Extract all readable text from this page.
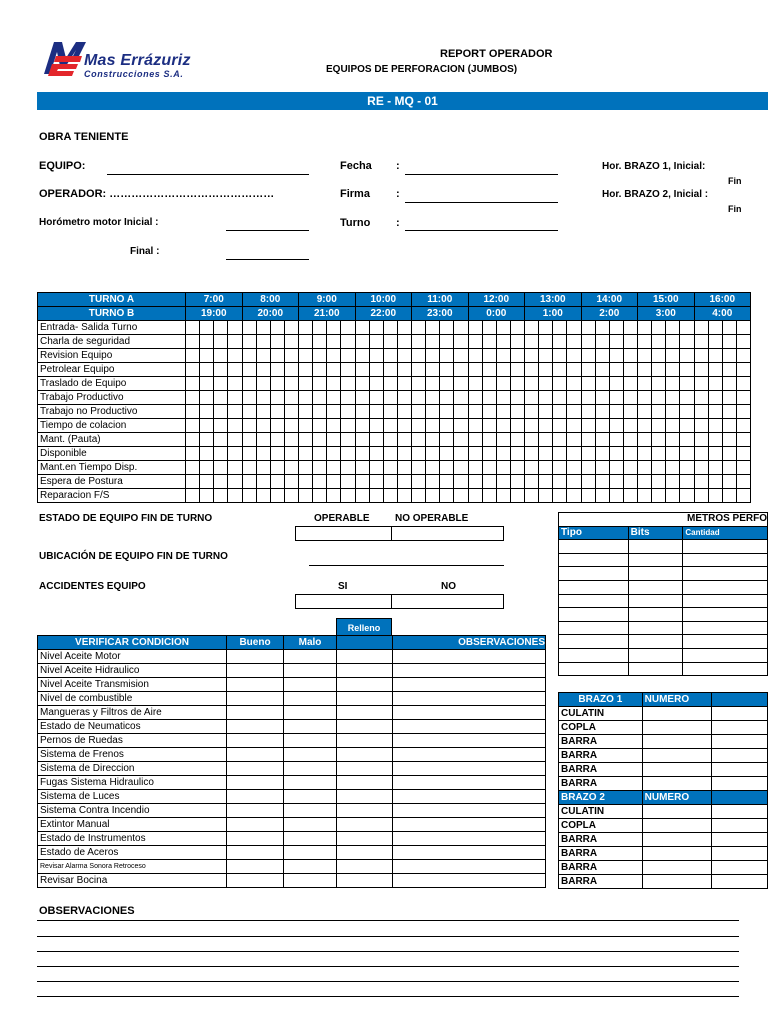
Mas Errázuriz
Construcciones S.A.
REPORT OPERADOR
EQUIPOS DE PERFORACION (JUMBOS)
RE - MQ - 01
OBRA TENIENTE
EQUIPO:
OPERADOR: ………………………………………
Horómetro motor Inicial :
Final :
Fecha :
Firma :
Turno :
Hor. BRAZO 1, Inicial:
Fin
Hor. BRAZO 2, Inicial :
Fin
TURNO A	7:00				8:00				9:00				10:00				11:00				12:00				13:00				14:00				15:00				16:00			
TURNO B	19:00				20:00				21:00				22:00				23:00				0:00				1:00				2:00				3:00				4:00			
Entrada- Salida Turno																																								
Charla de seguridad																																								
Revision Equipo																																								
Petrolear Equipo																																								
Traslado de Equipo																																								
Trabajo Productivo																																								
Trabajo no Productivo																																								
Tiempo de colacion																																								
Mant. (Pauta)																																								
Disponible																																								
Mant.en Tiempo Disp.																																								
Espera de Postura																																								
Reparacion F/S																																								
ESTADO DE EQUIPO FIN DE TURNO	OPERABLE	NO OPERABLE
UBICACIÓN DE EQUIPO FIN DE TURNO
ACCIDENTES EQUIPO	SI	NO
Relleno
VERIFICAR CONDICION	Bueno	Malo		OBSERVACIONES
Nivel Aceite Motor				
Nivel Aceite Hidraulico				
Nivel Aceite Transmision				
Nivel de combustible				
Mangueras y Filtros de Aire				
Estado de Neumaticos				
Pernos de Ruedas				
Sistema de Frenos				
Sistema de Direccion				
Fugas Sistema Hidraulico				
Sistema de Luces				
Sistema Contra Incendio				
Extintor Manual				
Estado de Instrumentos				
Estado de Aceros				
Revisar Alarma Sonora Retroceso				
Revisar Bocina				
METROS PERFO		
Tipo	Bits	Cantidad

BRAZO 1	NUMERO	
CULATIN		
COPLA		
BARRA		
BARRA		
BARRA		
BARRA		
BRAZO 2	NUMERO	
CULATIN		
COPLA		
BARRA		
BARRA		
BARRA		
BARRA		
OBSERVACIONES
